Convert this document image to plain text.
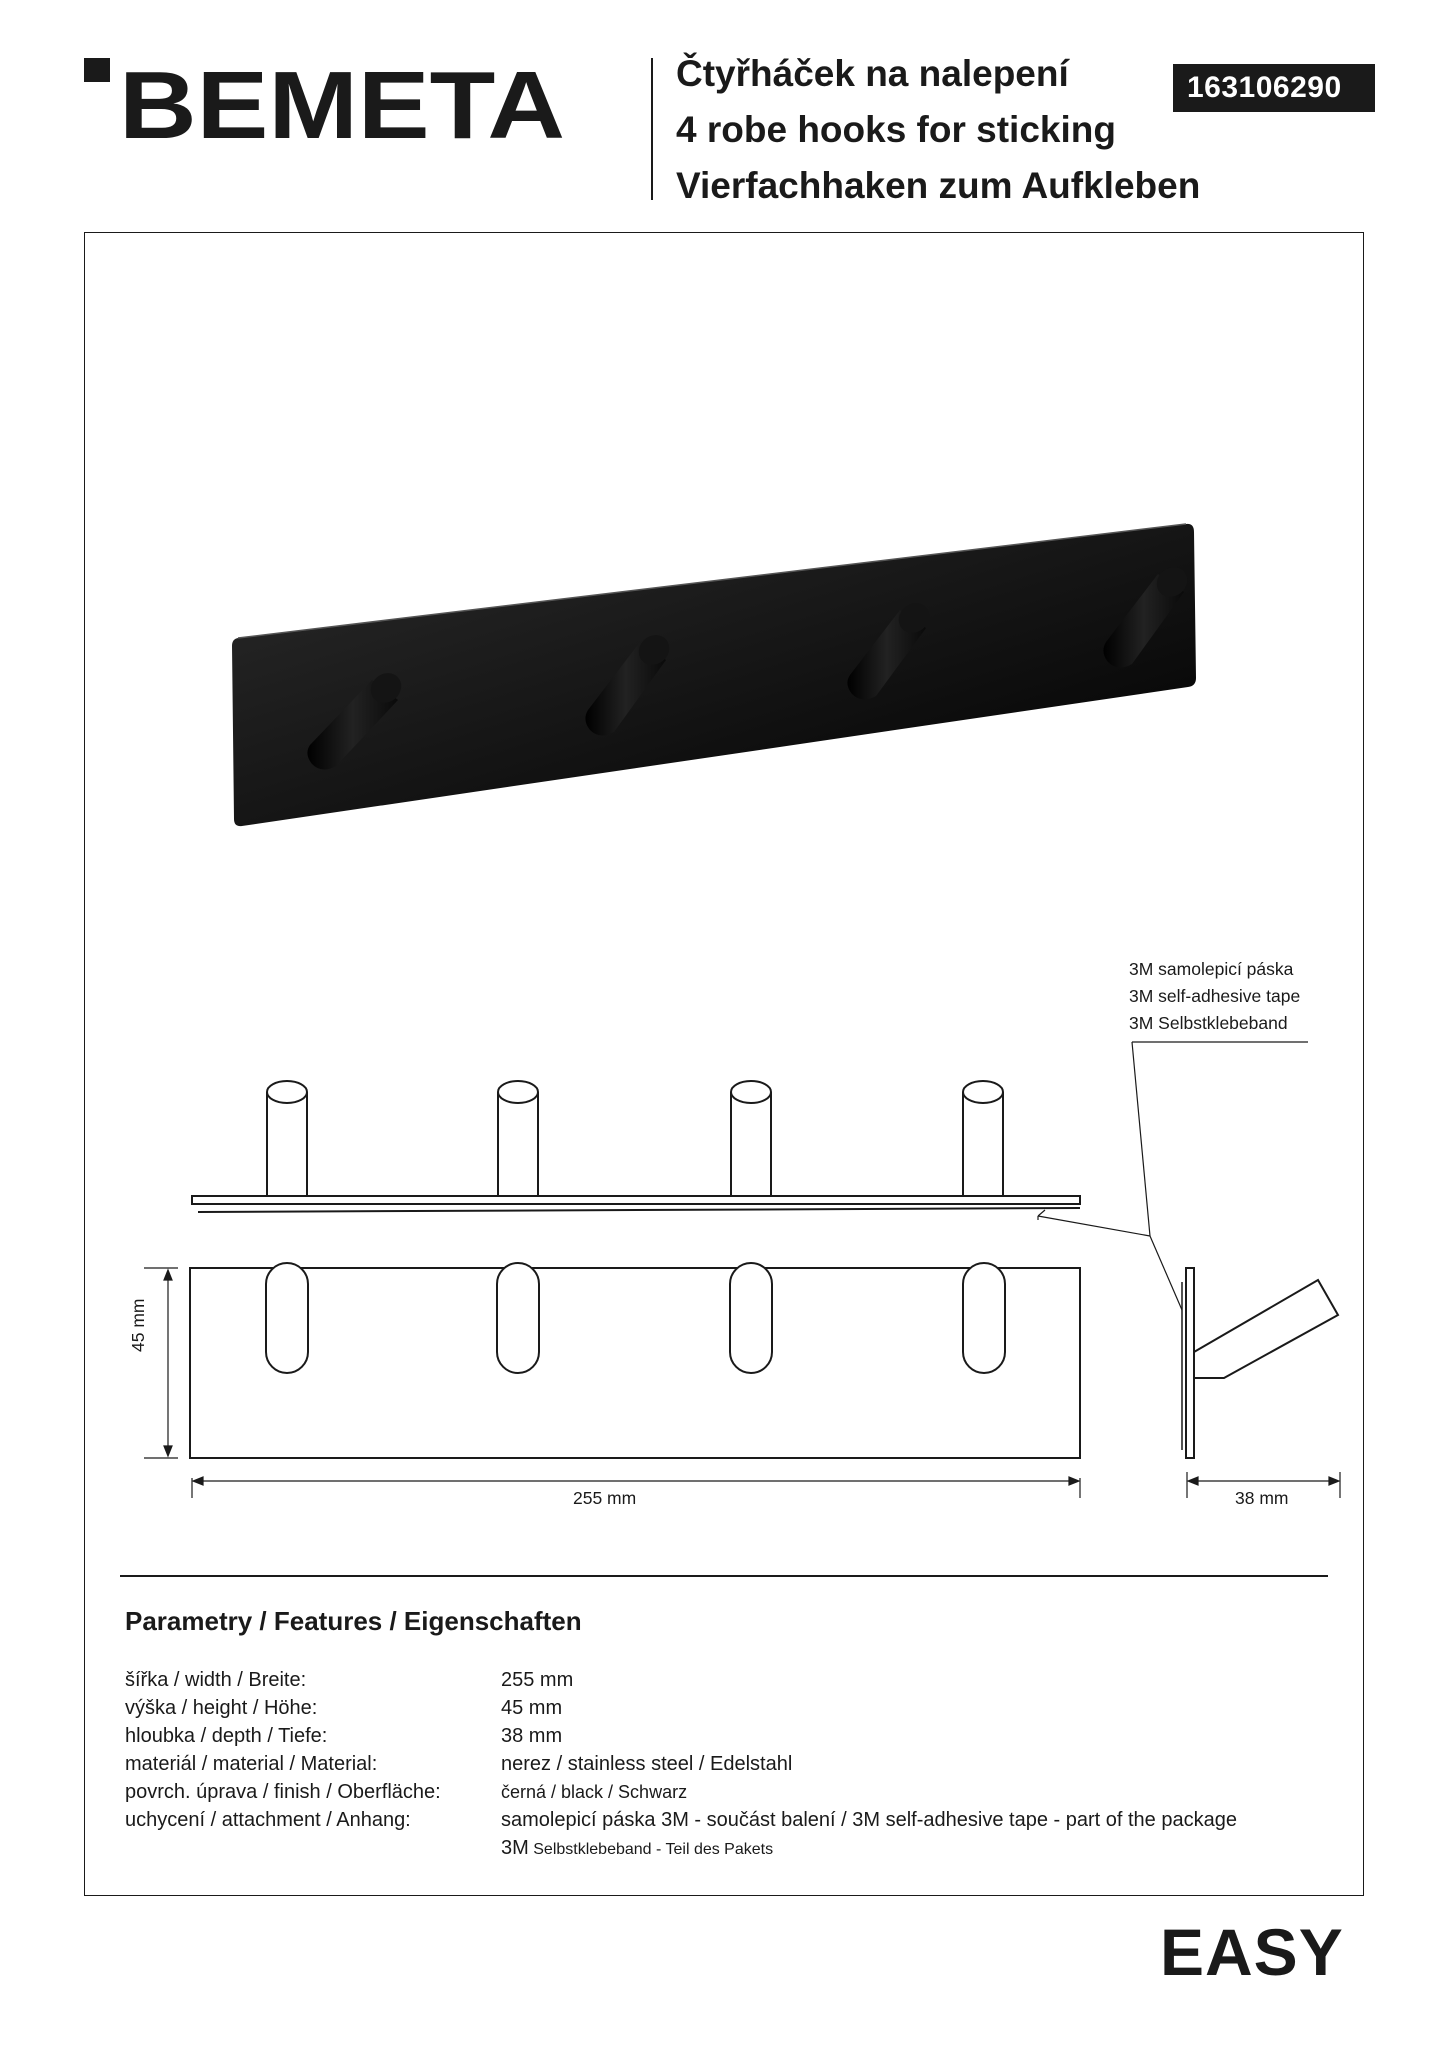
BEMETA	Čtyřháček na nalepení
4 robe hooks for sticking
Vierfachhaken zum Aufkleben
163106290
3M samolepicí páska
3M self-adhesive tape
3M Selbstklebeband
45 mm
255 mm	38 mm
Parametry / Features / Eigenschaften
šířka / width / Breite:	255 mm
výška / height / Höhe:	45 mm
hloubka / depth / Tiefe:	38 mm
materiál / material / Material:	nerez / stainless steel / Edelstahl
povrch. úprava / finish / Oberfläche:	černá / black / Schwarz
uchycení / attachment / Anhang:	samolepicí páska 3M - součást balení / 3M self-adhesive tape - part of the package
3M Selbstklebeband - Teil des Pakets
EASY
